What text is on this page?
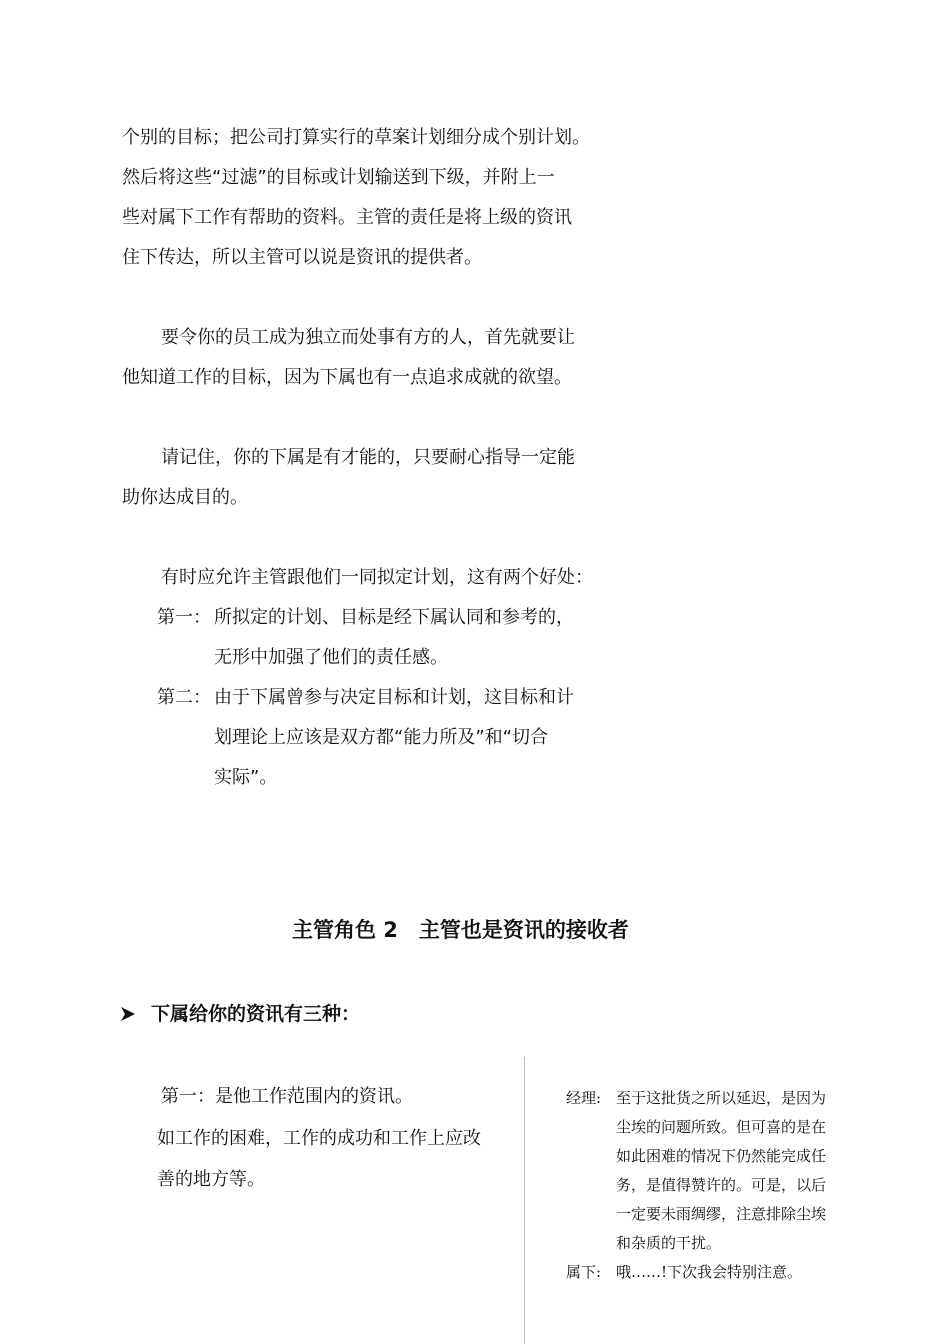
个别的目标；把公司打算实行的草案计划细分成个别计划。
然后将这些“过滤”的目标或计划输送到下级，并附上一
些对属下工作有帮助的资料。主管的责任是将上级的资讯
住下传达，所以主管可以说是资讯的提供者。
要令你的员工成为独立而处事有方的人，首先就要让
他知道工作的目标，因为下属也有一点追求成就的欲望。
请记住，你的下属是有才能的，只要耐心指导一定能
助你达成目的。
有时应允许主管跟他们一同拟定计划，这有两个好处：
第一： 所拟定的计划、目标是经下属认同和参考的，
无形中加强了他们的责任感。
第二： 由于下属曾参与决定目标和计划，这目标和计
划理论上应该是双方都“能力所及”和“切合
实际”。
主管角色 2　主管也是资讯的接收者
下属给你的资讯有三种：
第一：是他工作范围内的资讯。
如工作的困难，工作的成功和工作上应改
善的地方等。
经理: 至于这批货之所以延迟，是因为
尘埃的问题所致。但可喜的是在
如此困难的情况下仍然能完成任
务，是值得赞许的。可是，以后
一定要未雨绸缪，注意排除尘埃
和杂质的干扰。
属下: 哦……!下次我会特别注意。
